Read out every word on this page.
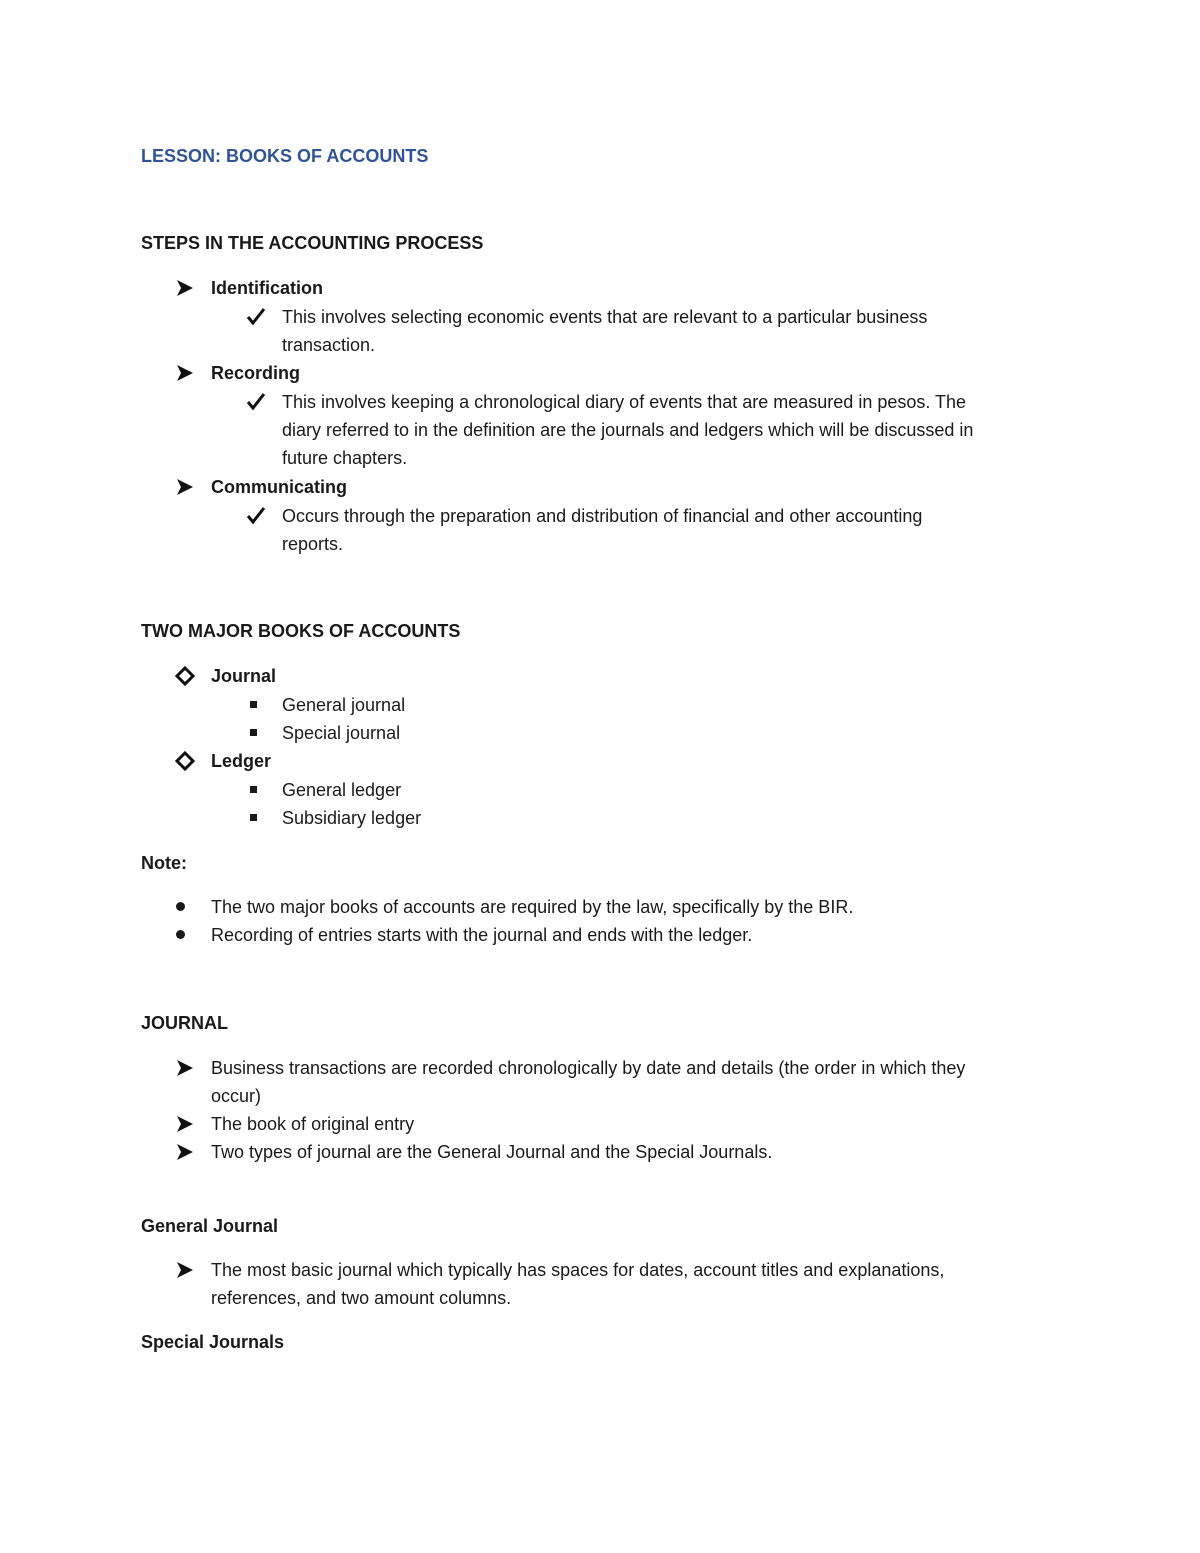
LESSON: BOOKS OF ACCOUNTS
STEPS IN THE ACCOUNTING PROCESS
Identification
This involves selecting economic events that are relevant to a particular business
transaction.
Recording
This involves keeping a chronological diary of events that are measured in pesos. The
diary referred to in the definition are the journals and ledgers which will be discussed in
future chapters.
Communicating
Occurs through the preparation and distribution of financial and other accounting
reports.
TWO MAJOR BOOKS OF ACCOUNTS
Journal
General journal
Special journal
Ledger
General ledger
Subsidiary ledger
Note:
The two major books of accounts are required by the law, specifically by the BIR.
Recording of entries starts with the journal and ends with the ledger.
JOURNAL
Business transactions are recorded chronologically by date and details (the order in which they
occur)
The book of original entry
Two types of journal are the General Journal and the Special Journals.
General Journal
The most basic journal which typically has spaces for dates, account titles and explanations,
references, and two amount columns.
Special Journals
